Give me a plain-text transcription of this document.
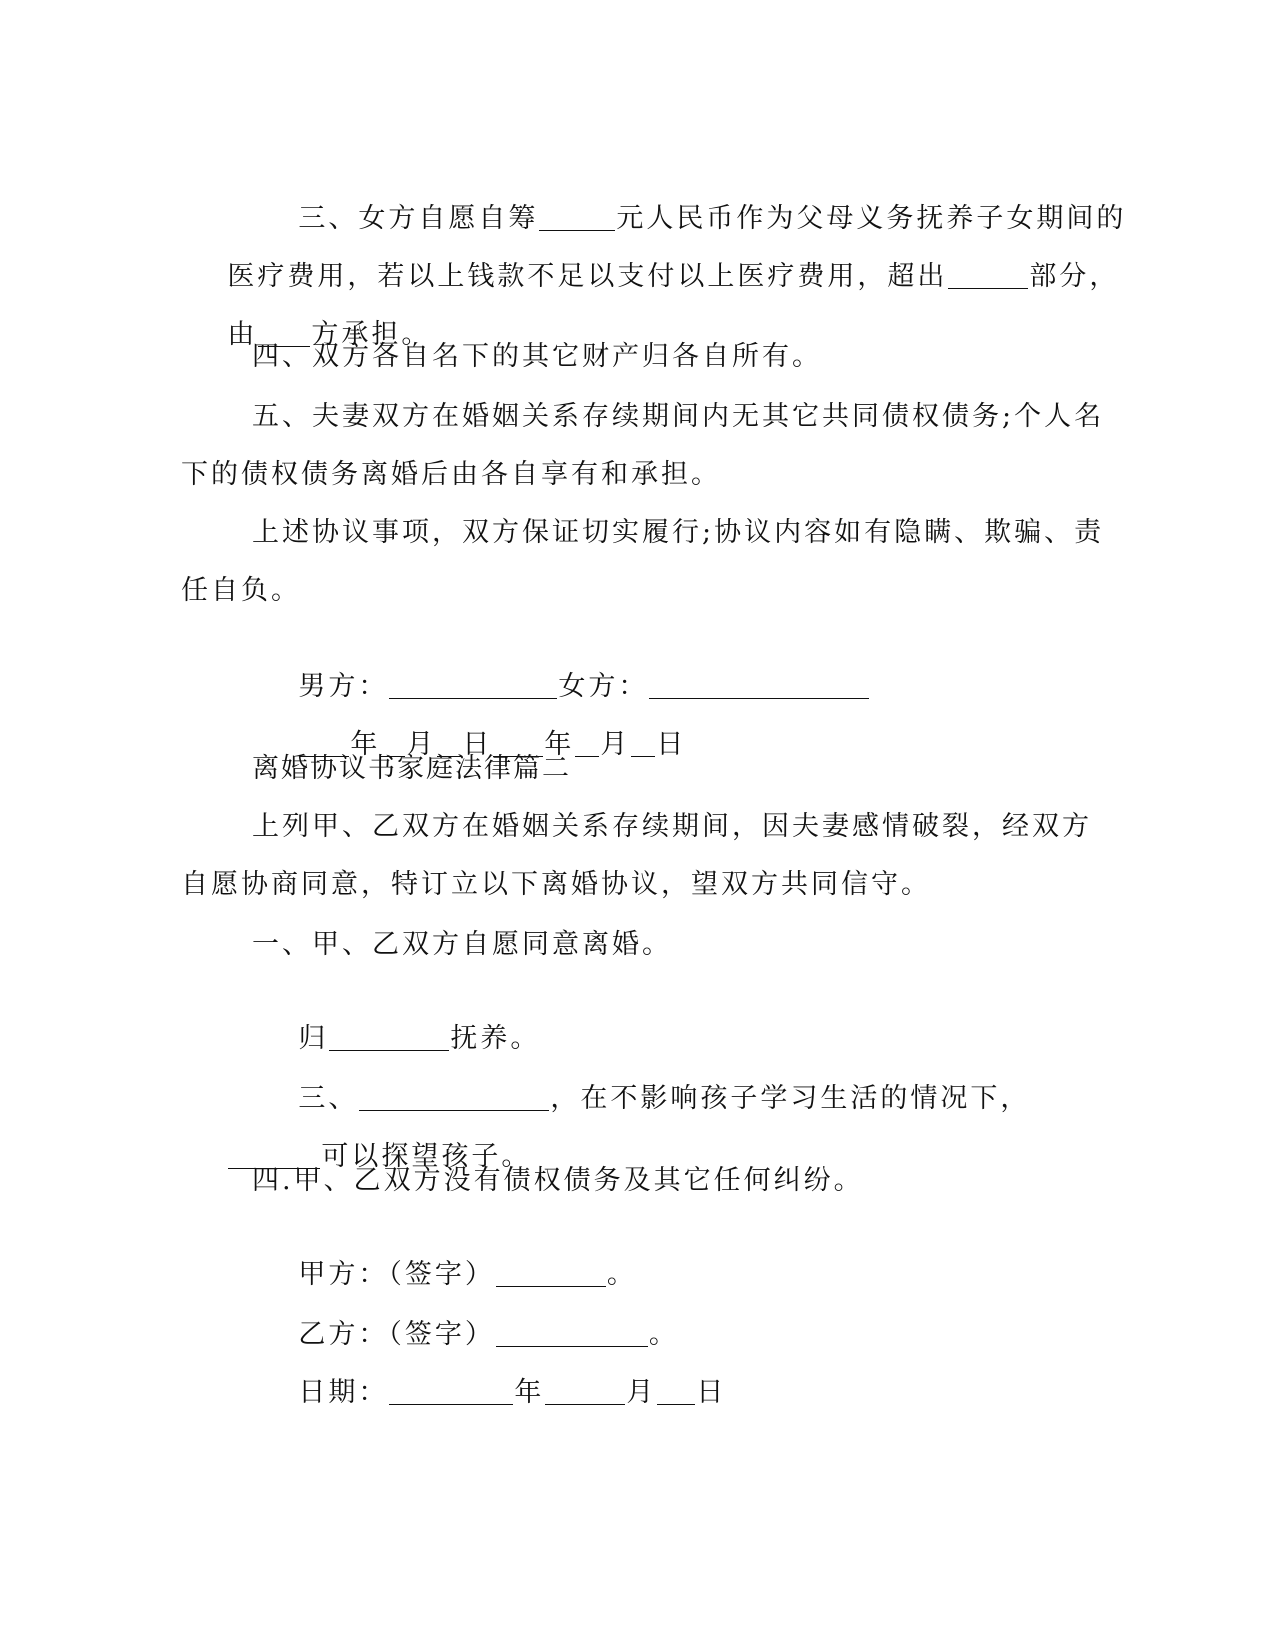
三、女方自愿自筹	元人民币作为父母义务抚养子女期间的

医疗费用，若以上钱款不足以支付以上医疗费用，超出	部分，

由 方承担。

四、双方各自名下的其它财产归各自所有。
五、夫妻双方在婚姻关系存续期间内无其它共同债权债务;个人名
下的债权债务离婚后由各自享有和承担。
上述协议事项，双方保证切实履行;协议内容如有隐瞒、欺骗、责
任自负。

男方：	女方：

年 月 日 年 月 日

离婚协议书家庭法律篇二
上列甲、乙双方在婚姻关系存续期间，因夫妻感情破裂，经双方
自愿协商同意，特订立以下离婚协议，望双方共同信守。
一、甲、乙双方自愿同意离婚。

归	抚养。

三、	，在不影响孩子学习生活的情况下，

可以探望孩子。

四.甲、乙双方没有债权债务及其它任何纠纷。

甲方：（签字）	。

乙方：（签字）	。

日期：	年	月 日
